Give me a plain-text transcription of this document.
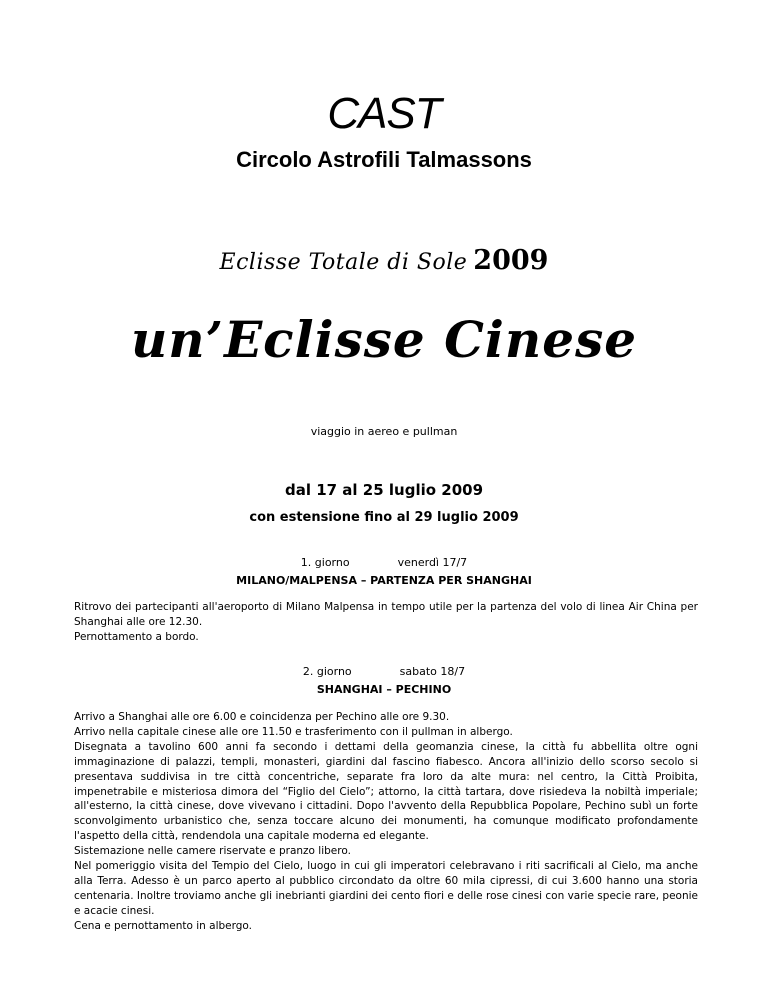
CAST
Circolo Astrofili Talmassons
Eclisse Totale di Sole 2009
un’Eclisse Cinese
viaggio in aereo e pullman
dal 17 al 25 luglio 2009
con estensione fino al 29 luglio 2009
1. giorno	venerdì 17/7
MILANO/MALPENSA – PARTENZA PER SHANGHAI

Ritrovo dei partecipanti all'aeroporto di Milano Malpensa in tempo utile per la partenza del volo di linea Air China per Shanghai alle ore 12.30.

Pernottamento a bordo.

2. giorno	sabato 18/7
SHANGHAI – PECHINO

Arrivo a Shanghai alle ore 6.00 e coincidenza per Pechino alle ore 9.30.

Arrivo nella capitale cinese alle ore 11.50 e trasferimento con il pullman in albergo.

Disegnata a tavolino 600 anni fa secondo i dettami della geomanzia cinese, la città fu abbellita oltre ogni immaginazione di palazzi, templi, monasteri, giardini dal fascino fiabesco. Ancora all'inizio dello scorso secolo si presentava suddivisa in tre città concentriche, separate fra loro da alte mura: nel centro, la Città Proibita, impenetrabile e misteriosa dimora del “Figlio del Cielo”; attorno, la città tartara, dove risiedeva la nobiltà imperiale; all'esterno, la città cinese, dove vivevano i cittadini. Dopo l'avvento della Repubblica Popolare, Pechino subì un forte sconvolgimento urbanistico che, senza toccare alcuno dei monumenti, ha comunque modificato profondamente l'aspetto della città, rendendola una capitale moderna ed elegante.

Sistemazione nelle camere riservate e pranzo libero.

Nel pomeriggio visita del Tempio del Cielo, luogo in cui gli imperatori celebravano i riti sacrificali al Cielo, ma anche alla Terra. Adesso è un parco aperto al pubblico circondato da oltre 60 mila cipressi, di cui 3.600 hanno una storia centenaria. Inoltre troviamo anche gli inebrianti giardini dei cento fiori e delle rose cinesi con varie specie rare, peonie e acacie cinesi.

Cena e pernottamento in albergo.
